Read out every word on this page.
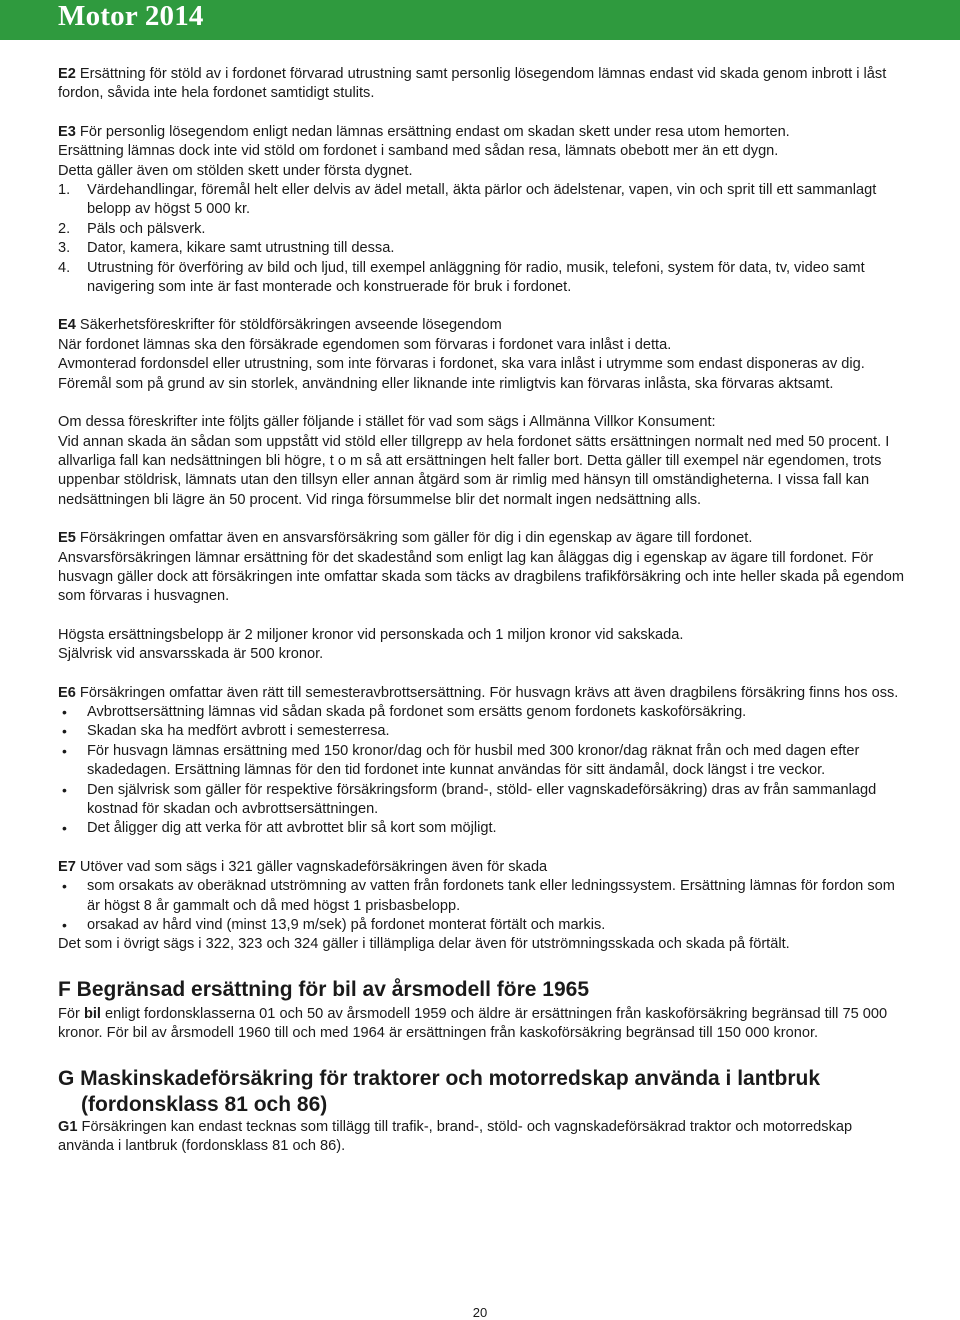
Motor 2014

E2 Ersättning för stöld av i fordonet förvarad utrustning samt personlig lösegendom lämnas endast vid skada genom inbrott i låst fordon, såvida inte hela fordonet samtidigt stulits.

E3 För personlig lösegendom enligt nedan lämnas ersättning endast om skadan skett under resa utom hemorten.

Ersättning lämnas dock inte vid stöld om fordonet i samband med sådan resa, lämnats obebott mer än ett dygn.

Detta gäller även om stölden skett under första dygnet.

1. Värdehandlingar, föremål helt eller delvis av ädel metall, äkta pärlor och ädelstenar, vapen, vin och sprit till ett sammanlagt belopp av högst 5 000 kr.
2. Päls och pälsverk.
3. Dator, kamera, kikare samt utrustning till dessa.
4. Utrustning för överföring av bild och ljud, till exempel anläggning för radio, musik, telefoni, system för data, tv, video samt navigering som inte är fast monterade och konstruerade för bruk i fordonet.

E4 Säkerhetsföreskrifter för stöldförsäkringen avseende lösegendom

När fordonet lämnas ska den försäkrade egendomen som förvaras i fordonet vara inlåst i detta.

Avmonterad fordonsdel eller utrustning, som inte förvaras i fordonet, ska vara inlåst i utrymme som endast disponeras av dig. Föremål som på grund av sin storlek, användning eller liknande inte rimligtvis kan förvaras inlåsta, ska förvaras aktsamt.

Om dessa föreskrifter inte följts gäller följande i stället för vad som sägs i Allmänna Villkor Konsument:

Vid annan skada än sådan som uppstått vid stöld eller tillgrepp av hela fordonet sätts ersättningen normalt ned med 50 procent. I allvarliga fall kan nedsättningen bli högre, t o m så att ersättningen helt faller bort. Detta gäller till exempel när egendomen, trots uppenbar stöldrisk, lämnats utan den tillsyn eller annan åtgärd som är rimlig med hänsyn till omständigheterna. I vissa fall kan nedsättningen bli lägre än 50 procent. Vid ringa försummelse blir det normalt ingen nedsättning alls.

E5 Försäkringen omfattar även en ansvarsförsäkring som gäller för dig i din egenskap av ägare till fordonet.

Ansvarsförsäkringen lämnar ersättning för det skadestånd som enligt lag kan åläggas dig i egenskap av ägare till fordonet. För husvagn gäller dock att försäkringen inte omfattar skada som täcks av dragbilens trafikförsäkring och inte heller skada på egendom som förvaras i husvagnen.

Högsta ersättningsbelopp är 2 miljoner kronor vid personskada och 1 miljon kronor vid sakskada.

Självrisk vid ansvarsskada är 500 kronor.

E6 Försäkringen omfattar även rätt till semesteravbrottsersättning. För husvagn krävs att även dragbilens försäkring finns hos oss.

• Avbrottsersättning lämnas vid sådan skada på fordonet som ersätts genom fordonets kaskoförsäkring.
• Skadan ska ha medfört avbrott i semesterresa.
• För husvagn lämnas ersättning med 150 kronor/dag och för husbil med 300 kronor/dag räknat från och med dagen efter skadedagen. Ersättning lämnas för den tid fordonet inte kunnat användas för sitt ändamål, dock längst i tre veckor.
• Den självrisk som gäller för respektive försäkringsform (brand-, stöld- eller vagnskadeförsäkring) dras av från sammanlagd kostnad för skadan och avbrottsersättningen.
• Det åligger dig att verka för att avbrottet blir så kort som möjligt.

E7 Utöver vad som sägs i 321 gäller vagnskadeförsäkringen även för skada

• som orsakats av oberäknad utströmning av vatten från fordonets tank eller ledningssystem. Ersättning lämnas för fordon som är högst 8 år gammalt och då med högst 1 prisbasbelopp.
• orsakad av hård vind (minst 13,9 m/sek) på fordonet monterat förtält och markis.

Det som i övrigt sägs i 322, 323 och 324 gäller i tillämpliga delar även för utströmningsskada och skada på förtält.

F Begränsad ersättning för bil av årsmodell före 1965

För bil enligt fordonsklasserna 01 och 50 av årsmodell 1959 och äldre är ersättningen från kaskoförsäkring begränsad till 75 000 kronor. För bil av årsmodell 1960 till och med 1964 är ersättningen från kaskoförsäkring begränsad till 150 000 kronor.

G Maskinskadeförsäkring för traktorer och motorredskap använda i lantbruk
(fordonsklass 81 och 86)

G1 Försäkringen kan endast tecknas som tillägg till trafik-, brand-, stöld- och vagnskadeförsäkrad traktor och motorredskap använda i lantbruk (fordonsklass 81 och 86).

20
